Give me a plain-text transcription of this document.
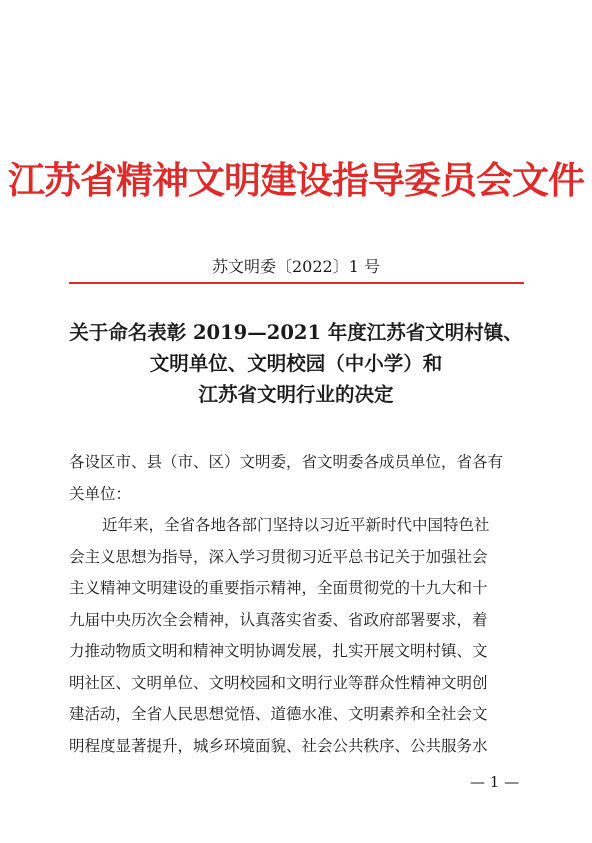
江苏省精神文明建设指导委员会文件
苏文明委〔2022〕1 号
关于命名表彰 2019—2021 年度江苏省文明村镇、
文明单位、文明校园（中小学）和
江苏省文明行业的决定
各设区市、县（市、区）文明委，省文明委各成员单位，省各有
关单位：
近年来，全省各地各部门坚持以习近平新时代中国特色社
会主义思想为指导，深入学习贯彻习近平总书记关于加强社会
主义精神文明建设的重要指示精神，全面贯彻党的十九大和十
九届中央历次全会精神，认真落实省委、省政府部署要求，着
力推动物质文明和精神文明协调发展，扎实开展文明村镇、文
明社区、文明单位、文明校园和文明行业等群众性精神文明创
建活动，全省人民思想觉悟、道德水准、文明素养和全社会文
明程度显著提升，城乡环境面貌、社会公共秩序、公共服务水
— 1 —
